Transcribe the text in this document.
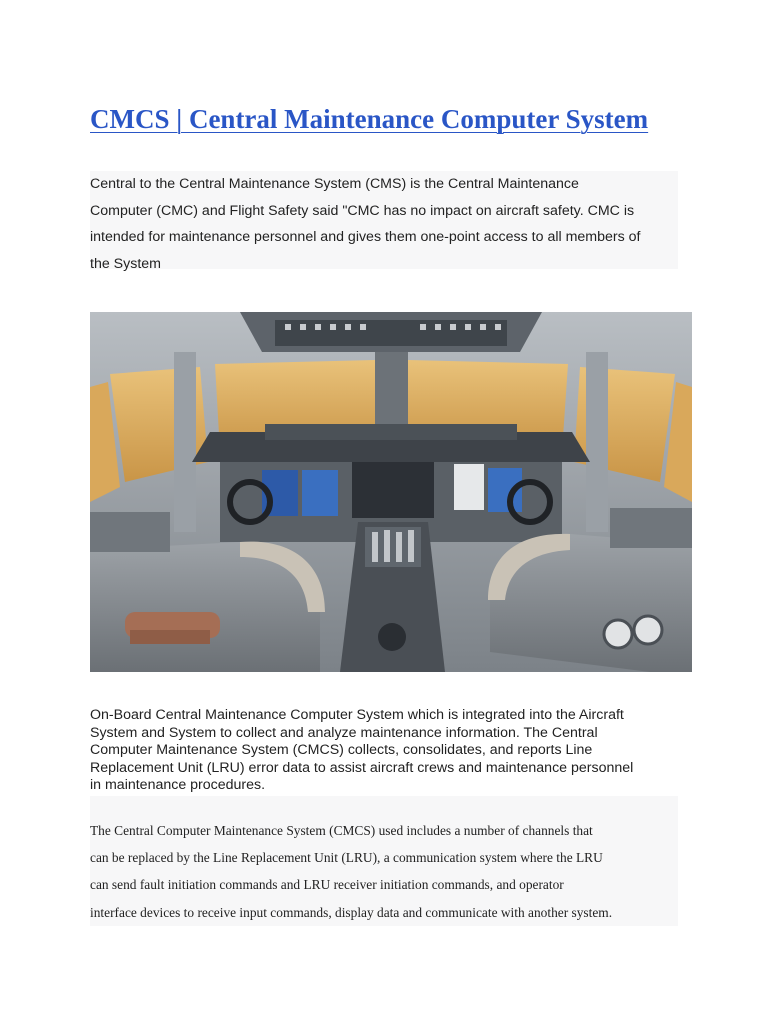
CMCS | Central Maintenance Computer System
Central to the Central Maintenance System (CMS) is the Central Maintenance
Computer (CMC) and Flight Safety said "CMC has no impact on aircraft safety. CMC is
intended for maintenance personnel and gives them one-point access to all members of
the System
On-Board Central Maintenance Computer System which is integrated into the Aircraft
System and System to collect and analyze maintenance information. The Central
Computer Maintenance System (CMCS) collects, consolidates, and reports Line
Replacement Unit (LRU) error data to assist aircraft crews and maintenance personnel
in maintenance procedures.
The Central Computer Maintenance System (CMCS) used includes a number of channels that
can be replaced by the Line Replacement Unit (LRU), a communication system where the LRU
can send fault initiation commands and LRU receiver initiation commands, and operator
interface devices to receive input commands, display data and communicate with another system.
